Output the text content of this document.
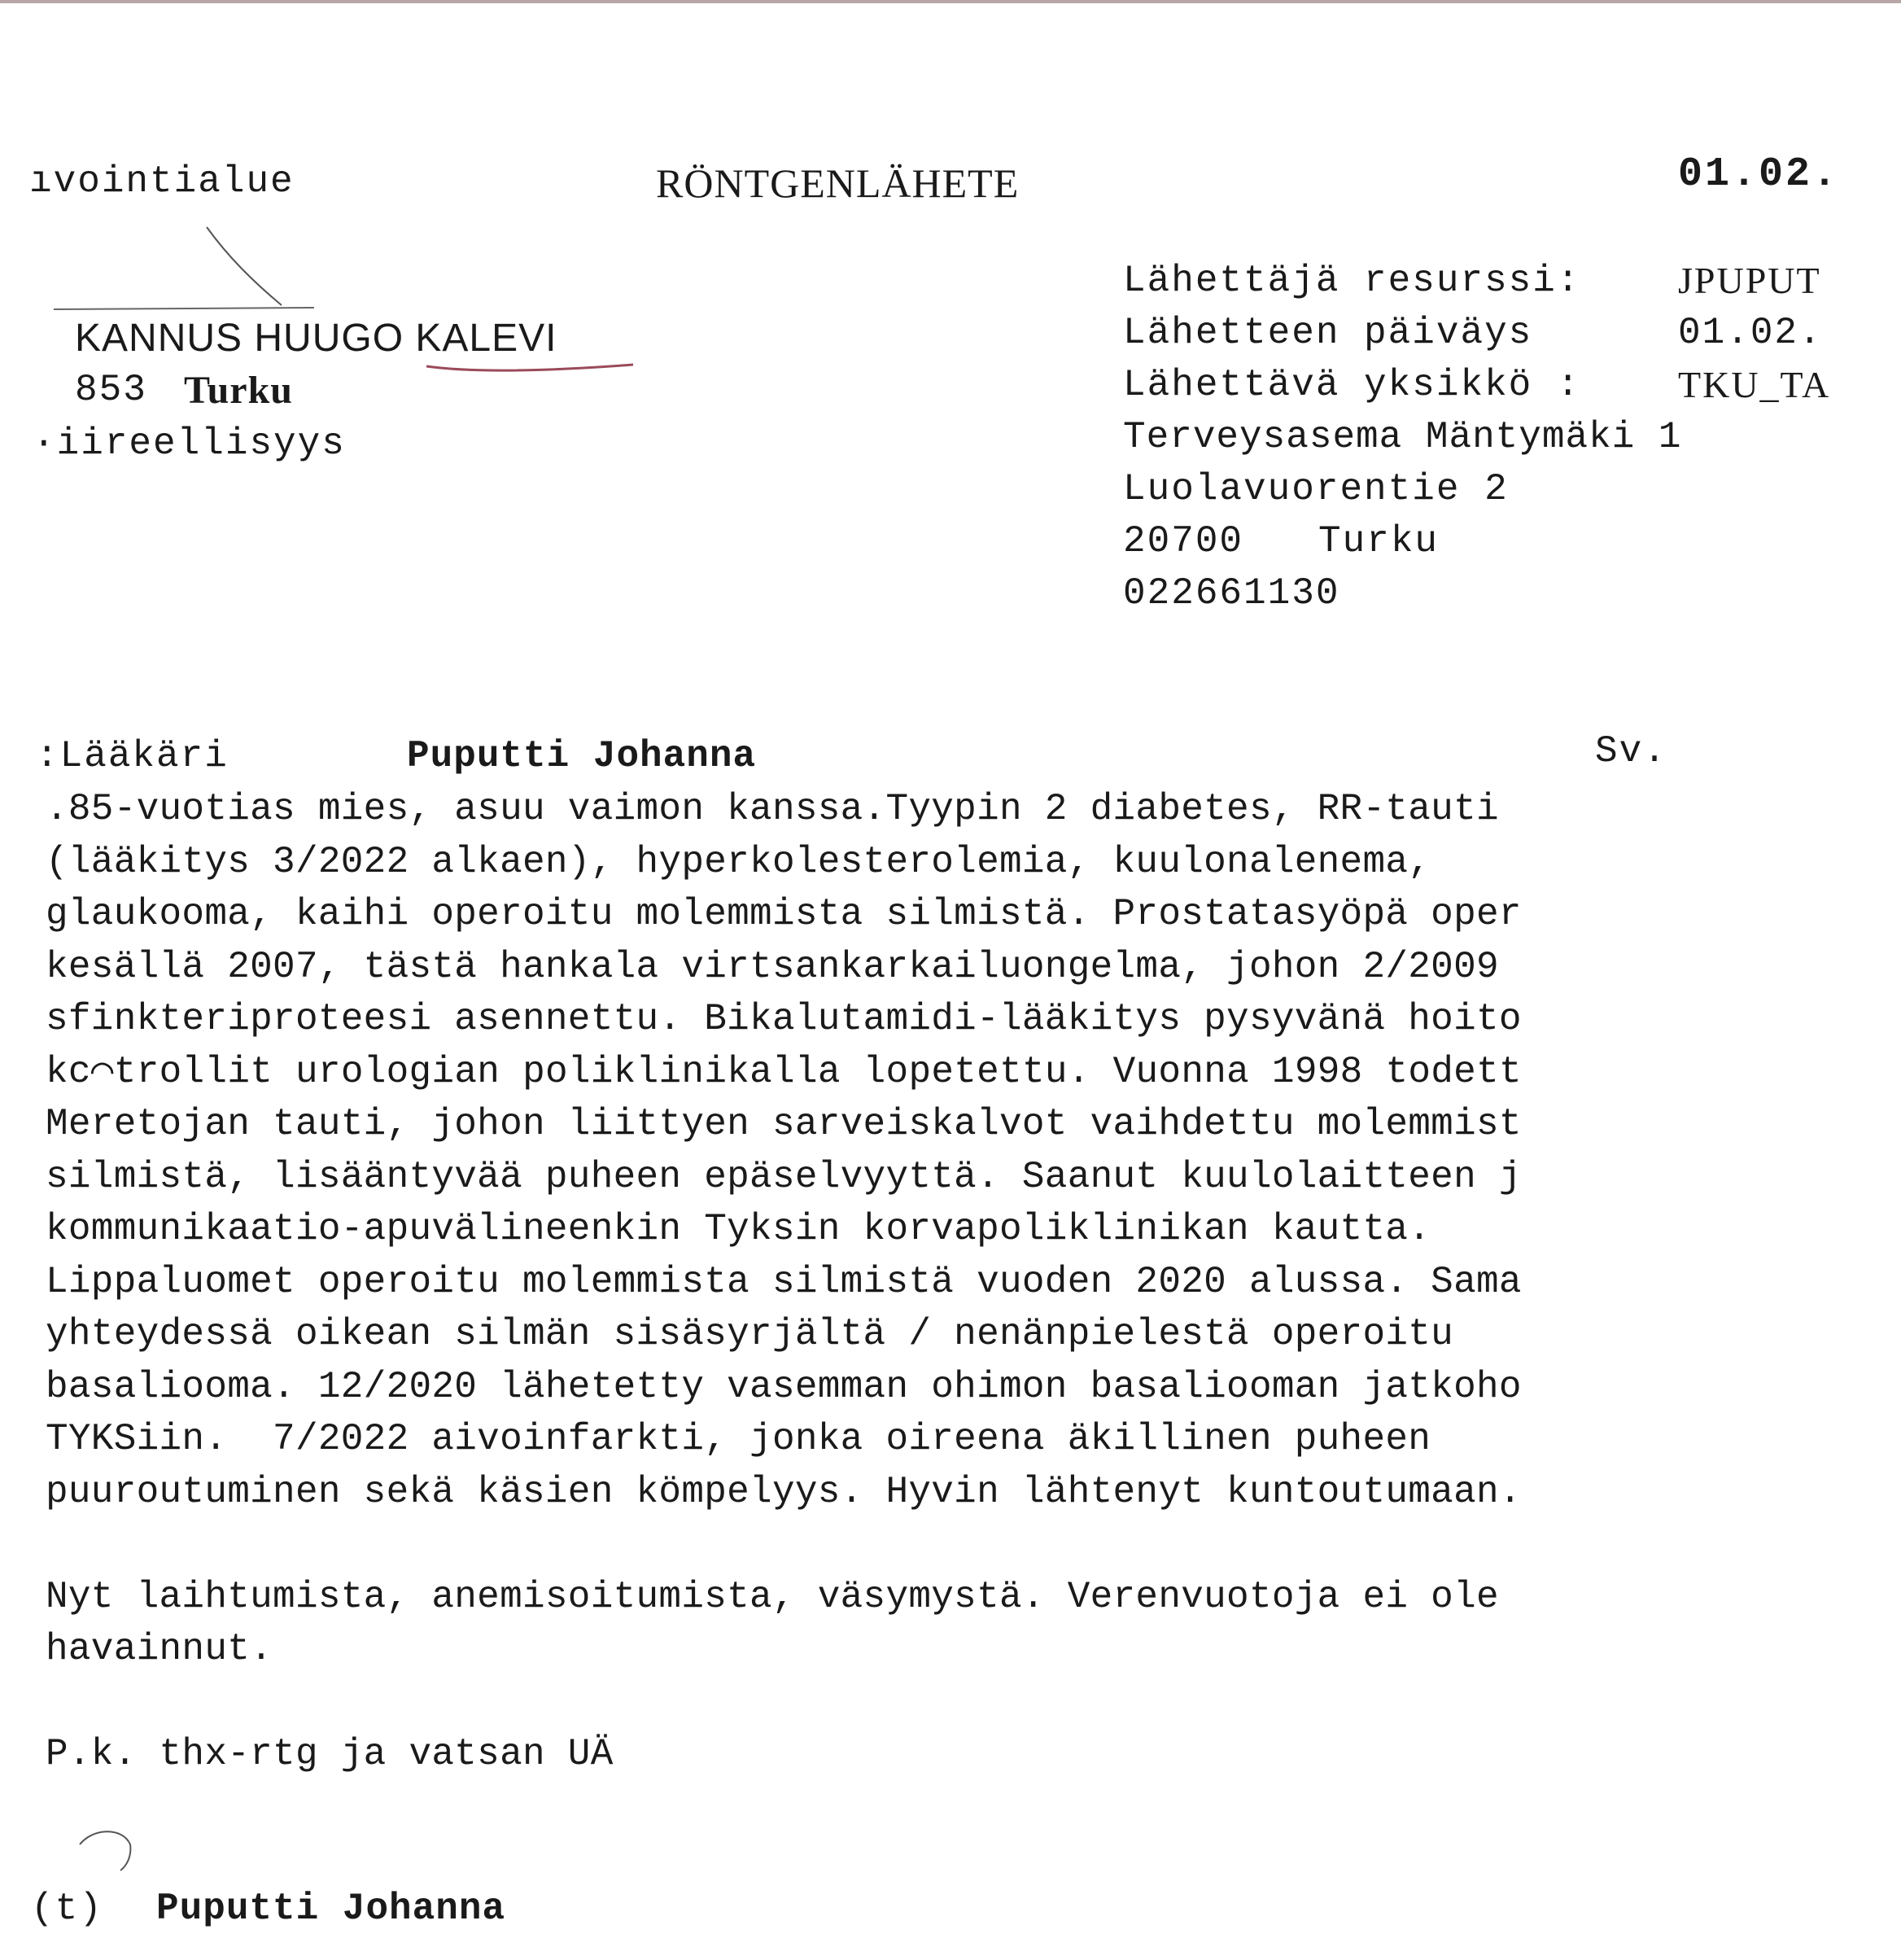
ıvointialue	RÖNTGENLÄHETE	01.02.
KANNUS HUUGO KALEVI
853 Turku
·iireellisyys
Lähettäjä resurssi:	JPUPUT
Lähetteen päiväys	01.02.
Lähettävä yksikkö :	TKU_TA
Terveysasema Mäntymäki 1
Luolavuorentie 2
20700 Turku
022661130
:Lääkäri	Puputti Johanna	Sv.
.85-vuotias mies, asuu vaimon kanssa.Tyypin 2 diabetes, RR-tauti
(lääkitys 3/2022 alkaen), hyperkolesterolemia, kuulonalenema,
glaukooma, kaihi operoitu molemmista silmistä. Prostatasyöpä oper
kesällä 2007, tästä hankala virtsankarkailuongelma, johon 2/2009
sfinkteriproteesi asennettu. Bikalutamidi-lääkitys pysyvänä hoito
kc⌒trollit urologian poliklinikalla lopetettu. Vuonna 1998 todett
Meretojan tauti, johon liittyen sarveiskalvot vaihdettu molemmist
silmistä, lisääntyvää puheen epäselvyyttä. Saanut kuulolaitteen j
kommunikaatio-apuvälineenkin Tyksin korvapoliklinikan kautta.
Lippaluomet operoitu molemmista silmistä vuoden 2020 alussa. Sama
yhteydessä oikean silmän sisäsyrjältä / nenänpielestä operoitu
basaliooma. 12/2020 lähetetty vasemman ohimon basaliooman jatkoho
TYKSiin.  7/2022 aivoinfarkti, jonka oireena äkillinen puheen
puuroutuminen sekä käsien kömpelyys. Hyvin lähtenyt kuntoutumaan.
Nyt laihtumista, anemisoitumista, väsymystä. Verenvuotoja ei ole
havainnut.
P.k. thx-rtg ja vatsan UÄ
(t) Puputti Johanna
